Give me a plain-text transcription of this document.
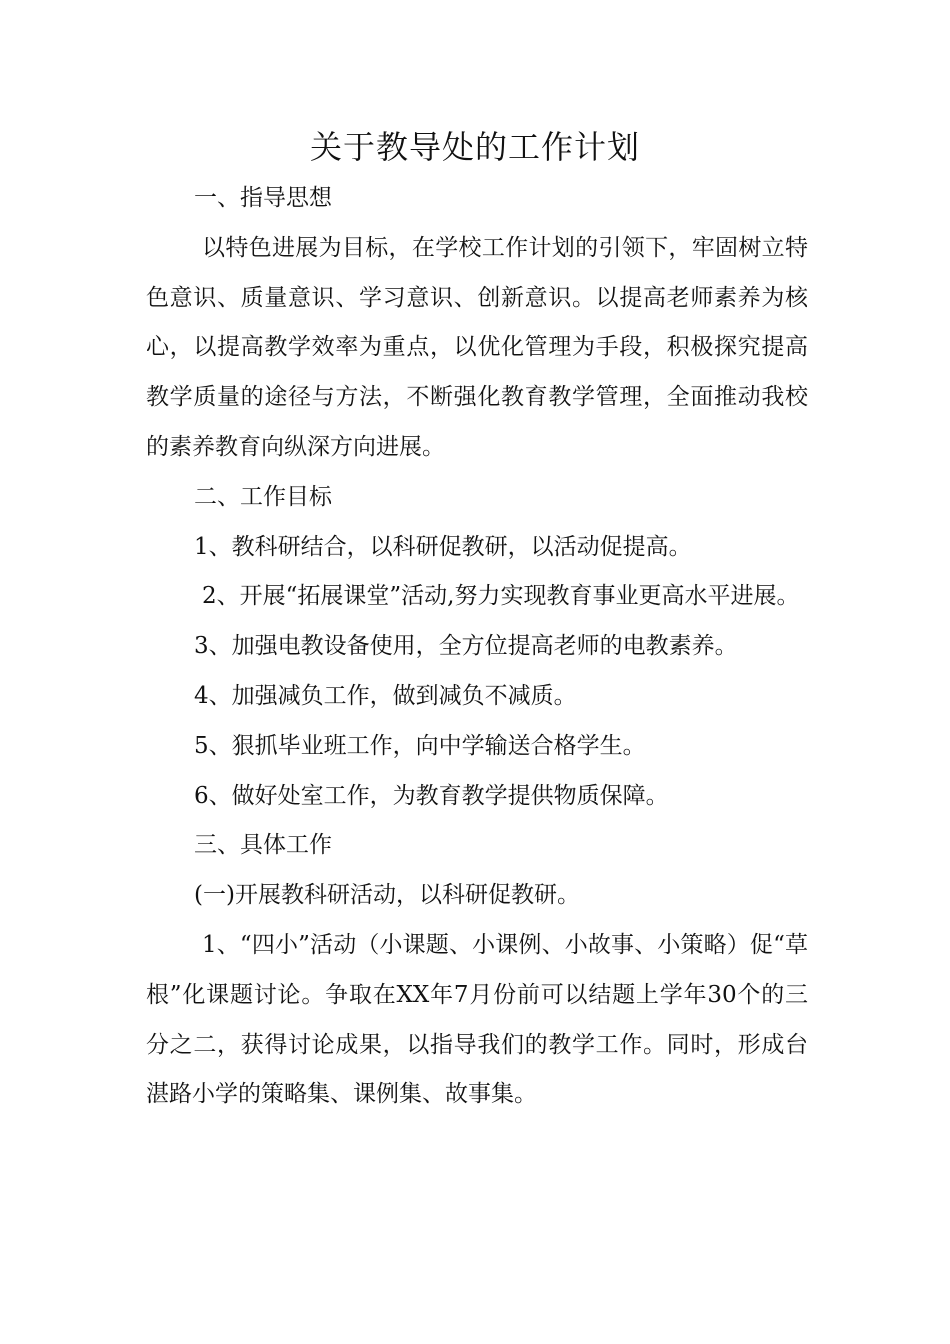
关于教导处的工作计划

一、指导思想

以特色进展为目标，在学校工作计划的引领下，牢固树立特色意识、质量意识、学习意识、创新意识。以提高老师素养为核心，以提高教学效率为重点，以优化管理为手段，积极探究提高教学质量的途径与方法，不断强化教育教学管理，全面推动我校的素养教育向纵深方向进展。

二、工作目标

1、教科研结合，以科研促教研，以活动促提高。

2、开展“拓展课堂”活动,努力实现教育事业更高水平进展。

3、加强电教设备使用，全方位提高老师的电教素养。

4、加强减负工作，做到减负不减质。

5、狠抓毕业班工作，向中学输送合格学生。

6、做好处室工作，为教育教学提供物质保障。

三、具体工作

(一)开展教科研活动，以科研促教研。

1、“四小”活动（小课题、小课例、小故事、小策略）促“草根”化课题讨论。争取在XX年7月份前可以结题上学年30个的三分之二，获得讨论成果，以指导我们的教学工作。同时，形成台湛路小学的策略集、课例集、故事集。
